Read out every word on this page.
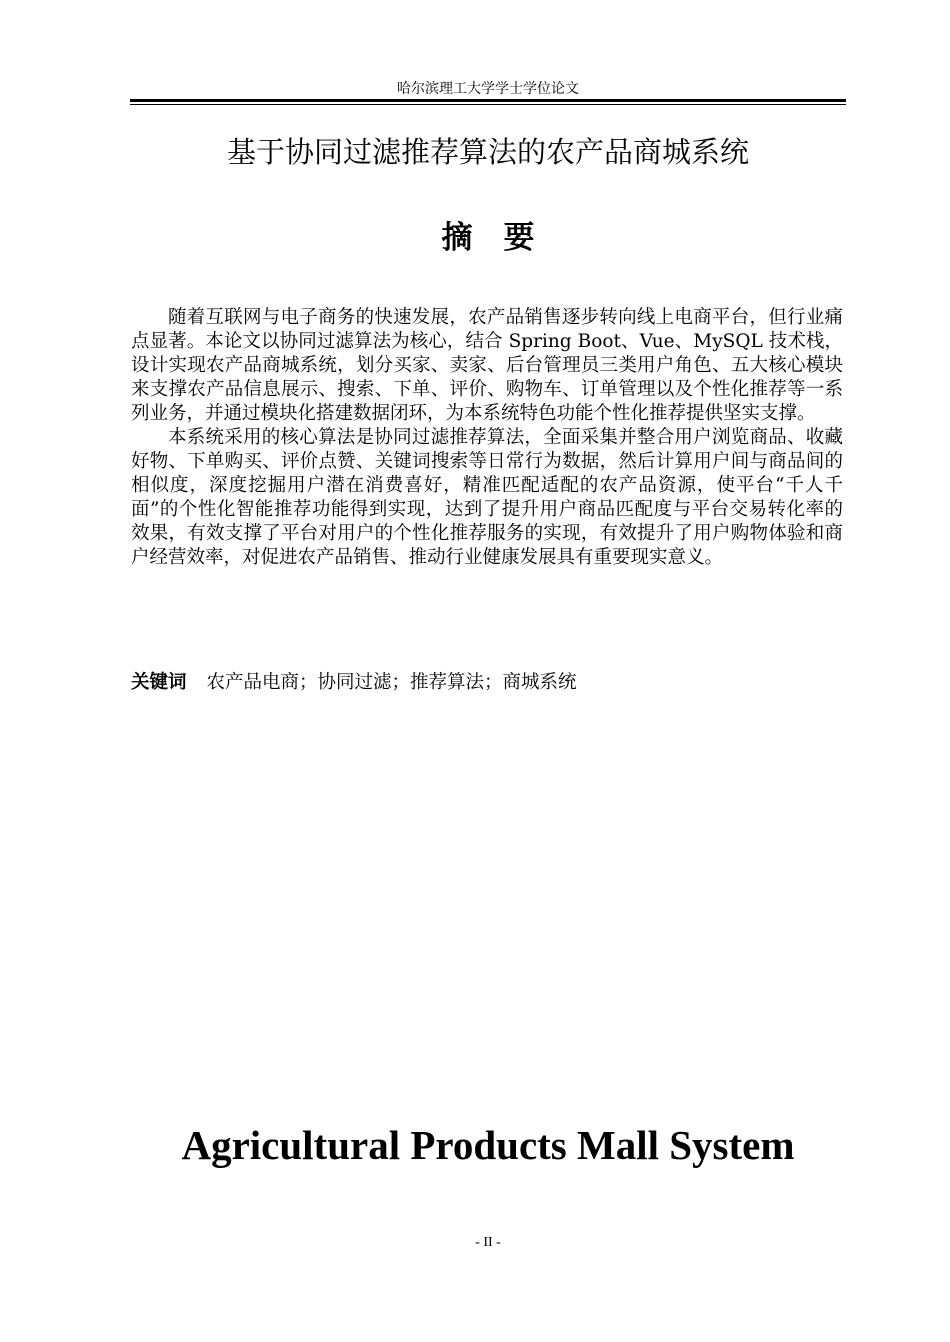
哈尔滨理工大学学士学位论文
基于协同过滤推荐算法的农产品商城系统
摘　要

随着互联网与电子商务的快速发展，农产品销售逐步转向线上电商平台，但行业痛点显著。本论文以协同过滤算法为核心，结合 Spring Boot、Vue、MySQL 技术栈，设计实现农产品商城系统，划分买家、卖家、后台管理员三类用户角色、五大核心模块来支撑农产品信息展示、搜索、下单、评价、购物车、订单管理以及个性化推荐等一系列业务，并通过模块化搭建数据闭环，为本系统特色功能个性化推荐提供坚实支撑。

本系统采用的核心算法是协同过滤推荐算法，全面采集并整合用户浏览商品、收藏好物、下单购买、评价点赞、关键词搜索等日常行为数据，然后计算用户间与商品间的相似度，深度挖掘用户潜在消费喜好，精准匹配适配的农产品资源，使平台“千人千面”的个性化智能推荐功能得到实现，达到了提升用户商品匹配度与平台交易转化率的效果，有效支撑了平台对用户的个性化推荐服务的实现，有效提升了用户购物体验和商户经营效率，对促进农产品销售、推动行业健康发展具有重要现实意义。

关键词 农产品电商；协同过滤；推荐算法；商城系统
Agricultural Products Mall System
- II -
